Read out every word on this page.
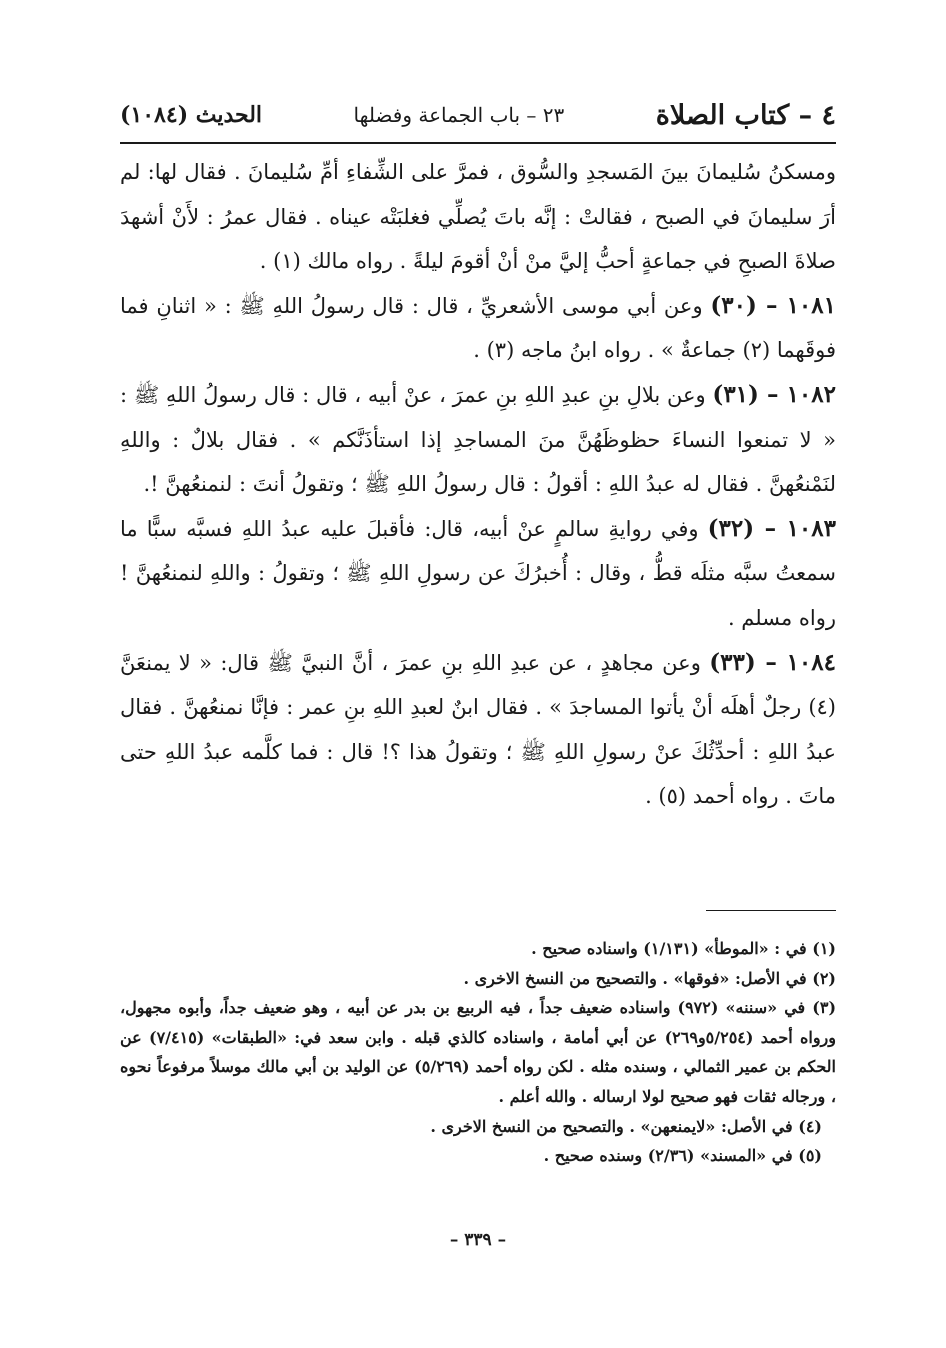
٤ – كتاب الصلاة
٢٣ – باب الجماعة وفضلها
الحديث (١٠٨٤)

ومسكنُ سُليمانَ بينَ المَسجدِ والسُّوق ، فمرَّ على الشِّفاءِ أمِّ سُليمانَ . فقال لها: لم أرَ سليمانَ في الصبح ، فقالتْ : إنَّه باتَ يُصلِّي فغلبَتْه عيناه . فقال عمرُ : لأَنْ أشهدَ صلاةَ الصبحِ في جماعةٍ أحبُّ إليَّ منْ أنْ أقومَ ليلةً . رواه مالك (١) .

١٠٨١ – (٣٠) وعن أبي موسى الأشعريِّ ، قال : قال رسولُ اللهِ ﷺ : « اثنانِ فما فوقَهما (٢) جماعةٌ » . رواه ابنُ ماجه (٣) .

١٠٨٢ – (٣١) وعن بلالِ بنِ عبدِ اللهِ بنِ عمرَ ، عنْ أبيه ، قال : قال رسولُ اللهِ ﷺ : « لا تمنعوا النساءَ حظوظَهُنَّ منَ المساجدِ إذا استأذَنَّكم » . فقال بلالٌ : واللهِ لنَمْنعُهنَّ . فقال له عبدُ اللهِ : أقولُ : قال رسولُ اللهِ ﷺ ؛ وتقولُ أنتَ : لنمنعُهنَّ !.

١٠٨٣ – (٣٢) وفي روايةِ سالمٍ عنْ أبيه، قال: فأقبلَ عليه عبدُ اللهِ فسبَّه سبًّا ما سمعتُ سبَّه مثلَه قطُّ ، وقال : أُخبرُكَ عن رسولِ اللهِ ﷺ ؛ وتقولُ : واللهِ لنمنعُهنَّ ! رواه مسلم .

١٠٨٤ – (٣٣) وعن مجاهدٍ ، عن عبدِ اللهِ بنِ عمرَ ، أنَّ النبيَّ ﷺ قال: « لا يمنعَنَّ (٤) رجلٌ أهلَه أنْ يأتوا المساجدَ » . فقال ابنٌ لعبدِ اللهِ بنِ عمر : فإنَّا نمنعُهنَّ . فقال عبدُ اللهِ : أحدِّثُكَ عنْ رسولِ اللهِ ﷺ ؛ وتقولُ هذا ؟! قال : فما كلَّمه عبدُ اللهِ حتى ماتَ . رواه أحمد (٥) .

(١) في : «الموطأ» (١/١٣١) واسناده صحيح .

(٢) في الأصل: «فوقها» . والتصحيح من النسخ الاخرى .

(٣) في «سننه» (٩٧٢) واسناده ضعيف جداً ، فيه الربيع بن بدر عن أبيه ، وهو ضعيف جداً، وأبوه مجهول، ورواه أحمد (٥/٢٥٤و٢٦٩) عن أبي أمامة ، واسناده كالذي قبله . وابن سعد في: «الطبقات» (٧/٤١٥) عن الحكم بن عمير الثمالي ، وسنده مثله . لكن رواه أحمد (٥/٢٦٩) عن الوليد بن أبي مالك موسلاً مرفوعاً نحوه ، ورجاله ثقات فهو صحيح لولا ارساله . والله أعلم .

(٤) في الأصل: «لايمنعهن» . والتصحيح من النسخ الاخرى .

(٥) في «المسند» (٢/٣٦) وسنده صحيح .

– ٣٣٩ –
